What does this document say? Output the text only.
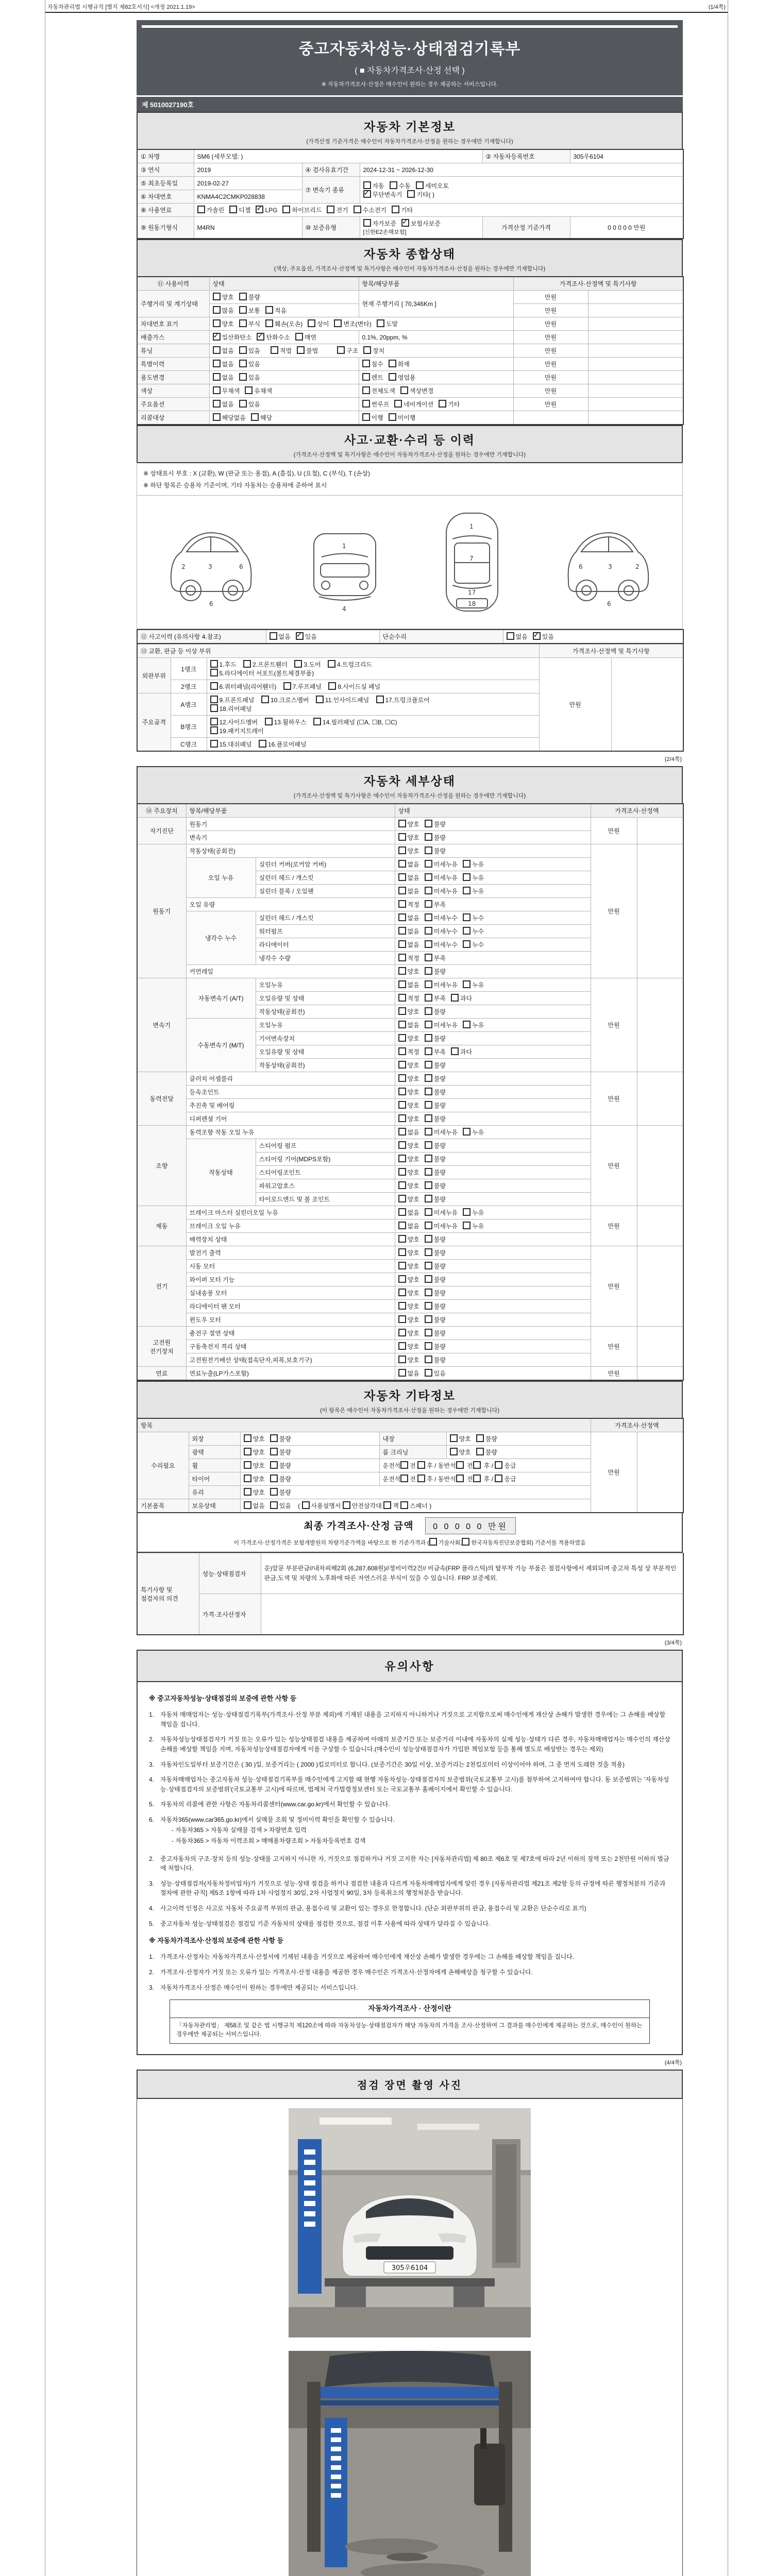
자동차관리법 시행규칙 [별지 제82호서식] <개정 2021.1.19>	(1/4쪽)
중고자동차성능·상태점검기록부
( ■ 자동차가격조사·산정 선택 )
※ 자동차가격조사·산정은 매수인이 원하는 경우 제공하는 서비스입니다.
제 5010027190호
자동차 기본정보
(가격산정 기준가격은 매수인이 자동차가격조사·산정을 원하는 경우에만 기재합니다)
① 차명	SM6 (세부모델: )			② 자동차등록번호	305우6104
③ 연식	2019	④ 검사유효기간	2024-12-31 ~ 2026-12-30		
⑤ 최초등록일	2019-02-27	⑦ 변속기 종류	자동 수동 세미오토
✓무단변속기 기타( )
⑥ 차대번호	KNMA4C2CMKP028838				
⑧ 사용연료	가솔린 디젤 ✓ LPG 하이브리드 전기 수소전기 기타
⑨ 원동기형식	M4RN	⑩ 보증유형	자가보증 ✓ 보험사보증[신한EZ손해보험]	가격산정 기준가격	0 0 0 0 0 만원
자동차 종합상태
(색상, 주요옵션, 가격조사·산정액 및 특기사항은 매수인이 자동차가격조사·산정을 원하는 경우에만 기재합니다)
⑪ 사용이력	상태	항목/해당부품	가격조사·산정액 및 특기사항	
주행거리 및 계기상태	양호 불량	현재 주행거리 [ 70,346Km ]	만원	
	많음 보통 적음		만원	
차대번호 표기	양호 부식 훼손(오손) 상이 변조(변타) 도말		만원	
배출가스	✓일산화탄소 ✓ 탄화수소 매연	0.1%, 20ppm, %	만원	
튜닝	없음 있음 적법 불법 구조 장치		만원	
특별이력	없음 있음	침수 화재	만원	
용도변경	없음 있음	렌트 영업용	만원	
색상	무채색 유채색	전체도색 색상변경	만원	
주요옵션	없음 있음	썬루프 네비게이션 기타	만원	
리콜대상	해당없음 해당	이행 미이행		
사고·교환·수리 등 이력
(가격조사·산정액 및 특기사항은 매수인이 자동차가격조사·산정을 원하는 경우에만 기재합니다)
※ 상태표시 부호 : X (교환), W (판금 또는 용접), A (흠집), U (요철), C (부식), T (손상)
※ 하단 항목은 승용차 기준이며, 기타 자동차는 승용차에 준하여 표시
2	3	6
6
1
4
1
7
17
18
6	3	2
6
⑫ 사고이력 (유의사항 4.참조)	없음 ✓ 있음	단순수리	없음 ✓ 있음
⑬ 교환, 판금 등 이상 부위			가격조사·산정액 및 특기사항	
외판부위	1랭크	1.후드 2.프론트휀더 3.도어 4.트렁크리드
5.라디에이터 서포트(볼트체결부품)	만원	
	2랭크	6.쿼터패널(리어휀더) 7.루프패널 8.사이드실 패널		
주요골격	A랭크	9.프론트패널 10.크로스멤버 11.인사이드패널 17.트렁크플로어
18.리어패널		
	B랭크	12.사이드멤버 13.휠하우스 14.필러패널 (☐A, ☐B, ☐C)
19.패키지트레이		
	C랭크	15.대쉬패널 16.플로어패널		
(2/4쪽)
자동차 세부상태
(가격조사·산정액 및 특기사항은 매수인이 자동차가격조사·산정을 원하는 경우에만 기재합니다)
⑭ 주요장치	항목/해당부품		상태	가격조사·산정액	
자기진단	원동기		양호 불량	만원	
	변속기		양호 불량		
원동기	작동상태(공회전)		양호 불량	만원	
	오일 누유	실린더 커버(로커암 커버)	없음 미세누유 누유		
		실린더 헤드 / 개스킷	없음 미세누유 누유		
		실린더 블록 / 오일팬	없음 미세누유 누유		
	오일 유량		적정 부족		
	냉각수 누수	실린더 헤드 / 개스킷	없음 미세누수 누수		
		워터펌프	없음 미세누수 누수		
		라디에이터	없음 미세누수 누수		
		냉각수 수량	적정 부족		
	커먼레일		양호 불량		
변속기	자동변속기 (A/T)	오일누유	없음 미세누유 누유	만원	
		오일유량 및 상태	적정 부족 과다		
		작동상태(공회전)	양호 불량		
	수동변속기 (M/T)	오일누유	없음 미세누유 누유		
		기어변속장치	양호 불량		
		오일유량 및 상태	적정 부족 과다		
		작동상태(공회전)	양호 불량		
동력전달	클러치 어셈블리		양호 불량	만원	
	등속조인트		양호 불량		
	추진축 및 베어링		양호 불량		
	디퍼렌셜 기어		양호 불량		
조향	동력조향 작동 오일 누유		없음 미세누유 누유	만원	
	작동상태	스티어링 펌프	양호 불량		
		스티어링 기어(MDPS포함)	양호 불량		
		스티어링조인트	양호 불량		
		파워고압호스	양호 불량		
		타이로드엔드 및 볼 조인트	양호 불량		
제동	브레이크 마스터 실린더오일 누유		없음 미세누유 누유	만원	
	브레이크 오일 누유		없음 미세누유 누유		
	배력장치 상태		양호 불량		
전기	발전기 출력		양호 불량	만원	
	시동 모터		양호 불량		
	와이퍼 모터 기능		양호 불량		
	실내송풍 모터		양호 불량		
	라디에이터 팬 모터		양호 불량		
	윈도우 모터		양호 불량		
고전원 전기장치	충전구 절연 상태		양호 불량	만원	
	구동축전지 격리 상태		양호 불량		
	고전원전기배선 상태(접속단자,피복,보호기구)		양호 불량		
연료	연료누출(LP가스포함)		없음 있음	만원	
자동차 기타정보
(이 항목은 매수인이 자동차가격조사·산정을 원하는 경우에만 기재합니다)
항목					가격조사·산정액	
수리필요	외장	양호 불량	내장	양호 불량	만원	
	광택	양호 불량	룸 크리닝	양호 불량		
	휠	양호 불량	운전석 전 후 / 동반석 전 후 / 응급			
	타이어	양호 불량	운전석 전 후 / 동반석 전 후 / 응급			
	유리	양호 불량				
기본품목	보유상태	없음 있음 ( 사용설명서 안전삼각대 잭 스패너 )				
최종 가격조사·산정 금액 0 0 0 0 0 만원
이 가격조사·산정가격은 보험개발원의 차량기준가액을 바탕으로 한 기준가격과 ( 기술사회, 한국자동차진단보증협회) 기준서를 적용하였음
특기사항 및 점검자의 의견	성능·상태점검자	운)앞문 부분판금//내차피해2회 (6,287,608원)//정비이력2건// 비금속(FRP 플라스틱)의 탈부착 가능 부품은 점검사항에서 제외되며 중고차 특성 상 부분적인 판금,도색 및 차량의 노후화에 따른 자연스러운 부식이 있을 수 있습니다. FRP 보증제외.
	가격·조사산정자	
(3/4쪽)
유의사항
※ 중고자동차성능·상태점검의 보증에 관한 사항 등
1. 자동차 매매업자는 성능·상태점검기록부(가격조사·산정 부분 제외)에 기재된 내용을 고지하지 아니하거나 거짓으로 고지함으로써 매수인에게 재산상 손해가 발생한 경우에는 그 손해를 배상할 책임을 집니다.
2. 자동차성능상태점검자가 거짓 또는 오류가 있는 성능상태점검 내용을 제공하여 아래의 보증기간 또는 보증거리 이내에 자동차의 실제 성능·상태가 다른 경우, 자동차매매업자는 매수인의 재산상 손해를 배상할 책임을 지며, 자동차성능상태점검자에게 이를 구상할 수 있습니다.(매수인이 성능상태점검자가 가입한 책임보험 등을 통해 별도로 배상받는 경우는 제외)
3. 자동차인도일부터 보증기간은 ( 30 )일, 보증거리는 ( 2000 )킬로미터로 합니다. (보증기간은 30일 이상, 보증거리는 2천킬로미터 이상이어야 하며, 그 중 먼저 도래한 것을 적용)
4. 자동차매매업자는 중고자동차 성능·상태점검기록부를 매수인에게 고지할 때 현행 자동차성능·상태점검자의 보증범위(국토교통부 고시)를 첨부하여 고지하여야 합니다. 동 보증범위는 '자동차성능·상태점검자의 보증범위'(국토교통부 고시)에 따르며, 법제처 국가법령정보센터 또는 국토교통부 홈페이지에서 확인할 수 있습니다.
5. 자동차의 리콜에 관한 사항은 자동차리콜센터(www.car.go.kr)에서 확인할 수 있습니다.
6. 자동차365(www.car365.go.kr)에서 실매물 조회 및 정비이력 확인을 확인할 수 있습니다.
- 자동차365 > 자동차 실매물 검색 > 차량번호 입력
- 자동차365 > 자동차 이력조회 > 매매용차량조회 > 자동차등록번호 검색
2. 중고자동차의 구조·장치 등의 성능·상태를 고지하지 아니한 자, 거짓으로 점검하거나 거짓 고지한 자는 [자동차관리법] 제 80조 제6호 및 제7호에 따라 2년 이하의 징역 또는 2천만원 이하의 벌금에 처합니다.
3. 성능·상태점검자(자동차정비업자)가 거짓으로 성능·상태 점검을 하거나 점검한 내용과 다르게 자동차매매업자에게 알린 경우 [자동차관리법 제21조 제2항 등의 규정에 따른 행정처분의 기준과 절차에 관한 규칙] 제5조 1항에 따라 1차 사업정지 30일, 2차 사업정지 90일, 3차 등록취소의 행정처분을 받습니다.
4. 사고이력 인정은 사고로 자동차 주요골격 부위의 판금, 용접수리 및 교환이 있는 경우로 한정합니다. (단순 외판부위의 판금, 용접수리 및 교환은 단순수리로 표기)
5. 중고자동차 성능·상태점검은 점검일 기준 자동차의 상태를 점검한 것으로, 점검 이후 사용에 따라 상태가 달라질 수 있습니다.
※ 자동차가격조사·산정의 보증에 관한 사항 등
1. 가격조사·산정자는 자동차가격조사·산정서에 기재된 내용을 거짓으로 제공하여 매수인에게 재산상 손해가 발생한 경우에는 그 손해를 배상할 책임을 집니다.
2. 가격조사·산정자가 거짓 또는 오류가 있는 가격조사·산정 내용을 제공한 경우 매수인은 가격조사·산정자에게 손해배상을 청구할 수 있습니다.
3. 자동차가격조사·산정은 매수인이 원하는 경우에만 제공되는 서비스입니다.
자동차가격조사 · 산정이란
「자동차관리법」 제58조 및 같은 법 시행규칙 제120조에 따라 자동차성능·상태점검자가 해당 자동차의 가격을 조사·산정하여 그 결과를 매수인에게 제공하는 것으로, 매수인이 원하는 경우에만 제공되는 서비스입니다.
(4/4쪽)
점검 장면 촬영 사진
305우6104
